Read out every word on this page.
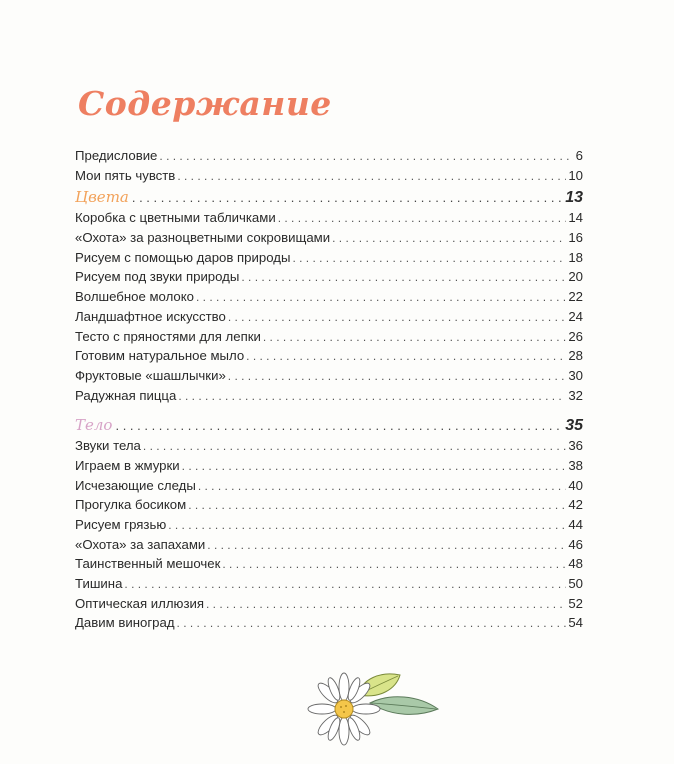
Содержание
Предисловие . . .	6
Мои пять чувств . . .	10
Цвета . . .	13
Коробка с цветными табличками . . .	14
«Охота» за разноцветными сокровищами . . .	16
Рисуем с помощью даров природы . . .	18
Рисуем под звуки природы . . .	20
Волшебное молоко . . .	22
Ландшафтное искусство . . .	24
Тесто с пряностями для лепки . . .	26
Готовим натуральное мыло . . .	28
Фруктовые «шашлычки» . . .	30
Радужная пицца . . .	32
Тело . . .	35
Звуки тела . . .	36
Играем в жмурки . . .	38
Исчезающие следы . . .	40
Прогулка босиком . . .	42
Рисуем грязью . . .	44
«Охота» за запахами . . .	46
Таинственный мешочек . . .	48
Тишина . . .	50
Оптическая иллюзия . . .	52
Давим виноград . . .	54
